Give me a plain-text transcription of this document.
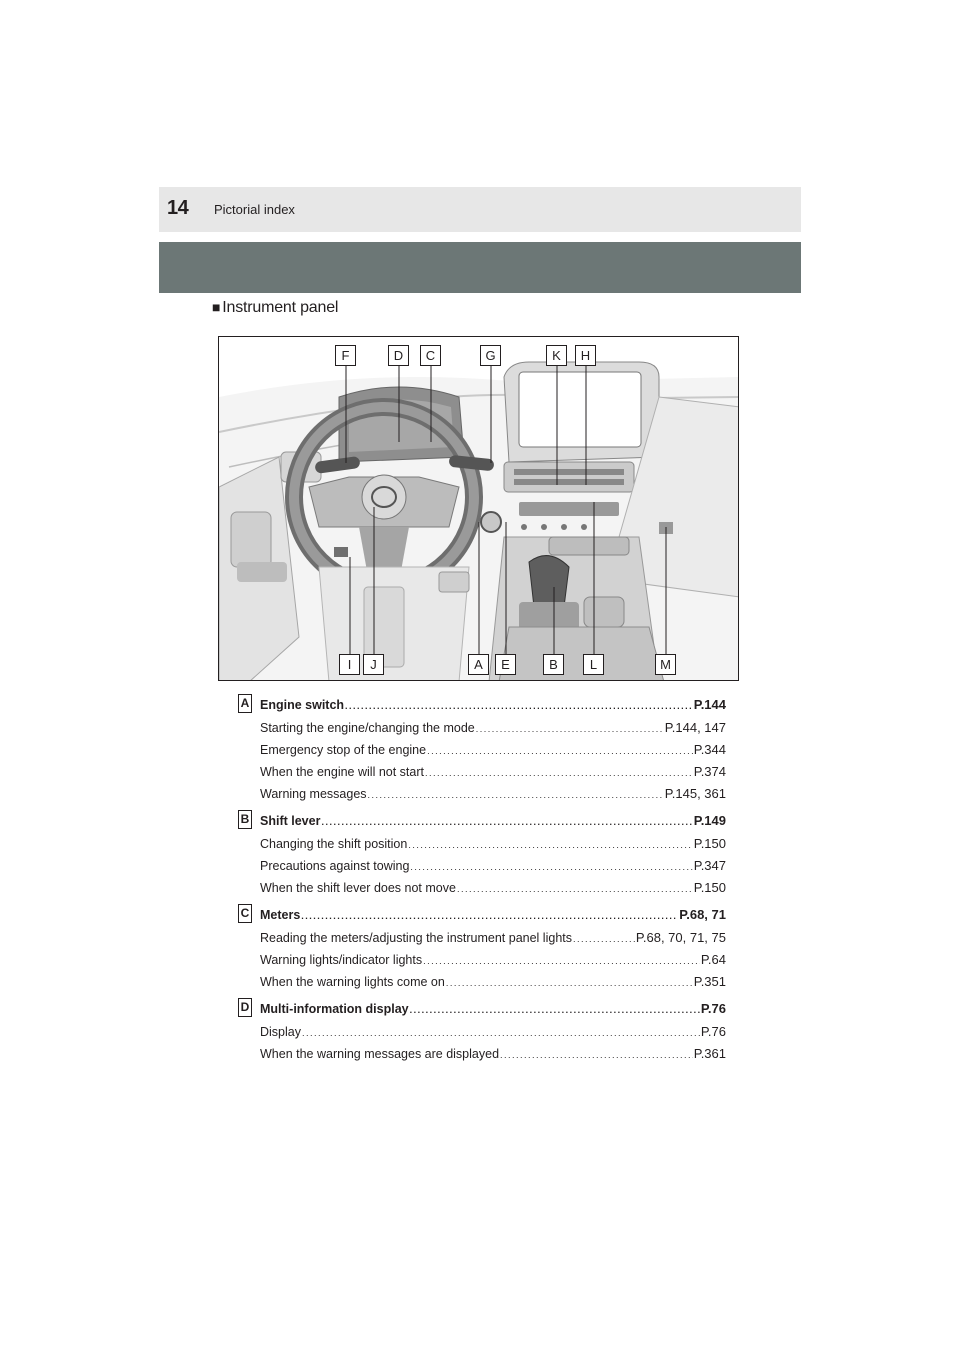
14 Pictorial index
■ Instrument panel
F	D	C	G	K	H
I	J	A	E	B	L	M
A Engine switch .....	P.144
Starting the engine/changing the mode .....	P.144, 147
Emergency stop of the engine .....	P.344
When the engine will not start .....	P.374
Warning messages .....	P.145, 361
B Shift lever .....	P.149
Changing the shift position .....	P.150
Precautions against towing .....	P.347
When the shift lever does not move .....	P.150
C Meters .....	P.68, 71
Reading the meters/adjusting the instrument panel lights .....	P.68, 70, 71, 75
Warning lights/indicator lights .....	P.64
When the warning lights come on .....	P.351
D Multi-information display .....	P.76
Display .....	P.76
When the warning messages are displayed .....	P.361
